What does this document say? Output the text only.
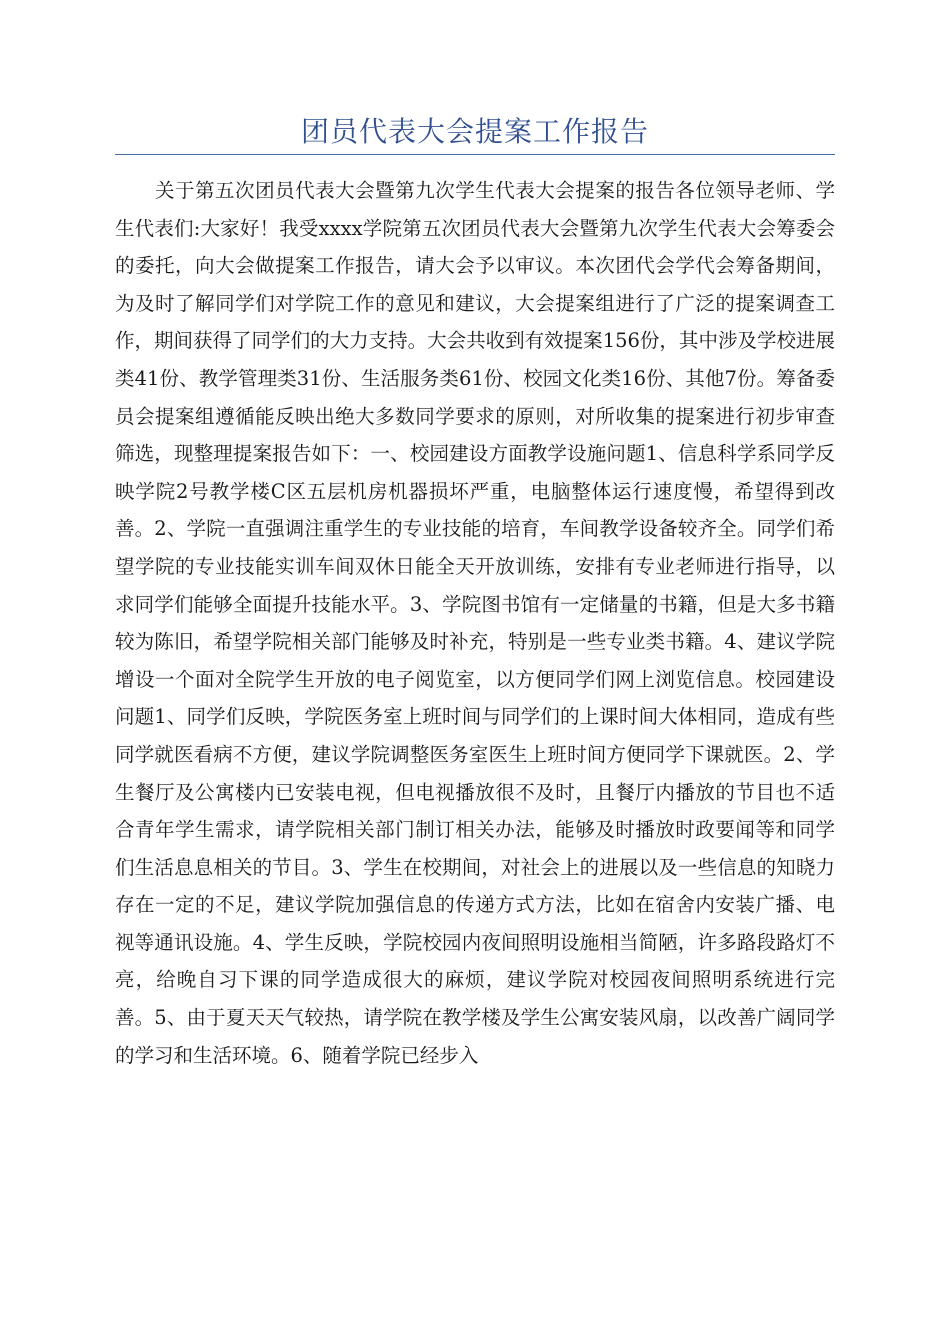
团员代表大会提案工作报告

关于第五次团员代表大会暨第九次学生代表大会提案的报告各位领导老师、学生代表们:大家好！我受xxxx学院第五次团员代表大会暨第九次学生代表大会筹委会的委托，向大会做提案工作报告，请大会予以审议。本次团代会学代会筹备期间，为及时了解同学们对学院工作的意见和建议，大会提案组进行了广泛的提案调查工作，期间获得了同学们的大力支持。大会共收到有效提案156份，其中涉及学校进展类41份、教学管理类31份、生活服务类61份、校园文化类16份、其他7份。筹备委员会提案组遵循能反映出绝大多数同学要求的原则，对所收集的提案进行初步审查筛选，现整理提案报告如下：一、校园建设方面教学设施问题1、信息科学系同学反映学院2号教学楼C区五层机房机器损坏严重，电脑整体运行速度慢，希望得到改善。2、学院一直强调注重学生的专业技能的培育，车间教学设备较齐全。同学们希望学院的专业技能实训车间双休日能全天开放训练，安排有专业老师进行指导，以求同学们能够全面提升技能水平。3、学院图书馆有一定储量的书籍，但是大多书籍较为陈旧，希望学院相关部门能够及时补充，特别是一些专业类书籍。4、建议学院增设一个面对全院学生开放的电子阅览室，以方便同学们网上浏览信息。校园建设问题1、同学们反映，学院医务室上班时间与同学们的上课时间大体相同，造成有些同学就医看病不方便，建议学院调整医务室医生上班时间方便同学下课就医。2、学生餐厅及公寓楼内已安装电视，但电视播放很不及时，且餐厅内播放的节目也不适合青年学生需求，请学院相关部门制订相关办法，能够及时播放时政要闻等和同学们生活息息相关的节目。3、学生在校期间，对社会上的进展以及一些信息的知晓力存在一定的不足，建议学院加强信息的传递方式方法，比如在宿舍内安装广播、电视等通讯设施。4、学生反映，学院校园内夜间照明设施相当简陋，许多路段路灯不亮，给晚自习下课的同学造成很大的麻烦，建议学院对校园夜间照明系统进行完善。5、由于夏天天气较热，请学院在教学楼及学生公寓安装风扇，以改善广阔同学的学习和生活环境。6、随着学院已经步入
